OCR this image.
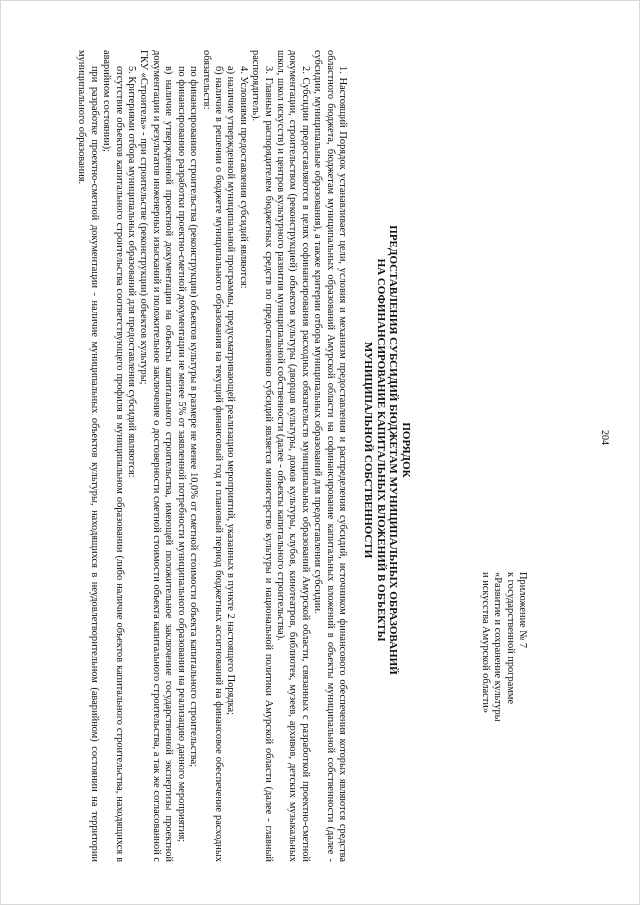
204
Приложение № 7
к государственной программе
«Развитие и сохранение культуры
и искусства Амурской области»
ПОРЯДОК
ПРЕДОСТАВЛЕНИЯ СУБСИДИЙ БЮДЖЕТАМ МУНИЦИПАЛЬНЫХ ОБРАЗОВАНИЙ
НА СОФИНАНСИРОВАНИЕ КАПИТАЛЬНЫХ ВЛОЖЕНИЙ В ОБЪЕКТЫ
МУНИЦИПАЛЬНОЙ СОБСТВЕННОСТИ

1. Настоящий Порядок устанавливает цели, условия и механизм предоставления и распределения субсидий, источником финансового обеспечения которых являются средства областного бюджета, бюджетам муниципальных образований Амурской области на софинансирование капитальных вложений в объекты муниципальной собственности (далее - субсидии, муниципальные образования), а также критерии отбора муниципальных образований для предоставления субсидии.

2. Субсидии предоставляются в целях софинансирования расходных обязательств муниципальных образований Амурской области, связанных с разработкой проектно-сметной документации, строительством (реконструкцией) объектов культуры (дворцов культуры, домов культуры, клубов, кинотеатров, библиотек, музеев, архивов, детских музыкальных школ, школ искусств) и центров культурного развития муниципальной собственности (далее - объекты капитального строительства).

3. Главным распорядителем бюджетных средств по предоставлению субсидий является министерство культуры и национальной политики Амурской области (далее - главный распорядитель).

4. Условиями предоставления субсидий являются:

а) наличие утвержденной муниципальной программы, предусматривающей реализацию мероприятий, указанных в пункте 2 настоящего Порядка;

б) наличие в решении о бюджете муниципального образования на текущий финансовый год и плановый период бюджетных ассигнований на финансовое обеспечение расходных обязательств:

по финансированию строительства (реконструкции) объектов культуры в размере не менее 10,0% от сметной стоимости объекта капитального строительства;

по финансированию разработки проектно-сметной документации не менее 5% от заявленной потребности муниципального образования на реализацию данного мероприятия;

в) наличие утвержденной проектной документации на объекты капитального строительства, имеющей положительное заключение государственной экспертизы проектной документации и результатов инженерных изысканий и положительное заключение о достоверности сметной стоимости объекта капитального строительства, а так же согласованной с ГКУ «Строитель» - при строительстве (реконструкции) объектов культуры;

5. Критериями отбора муниципальных образований для предоставления субсидий являются:

отсутствие объектов капитального строительства соответствующего профиля в муниципальном образовании (либо наличие объектов капитального строительства, находящихся в аварийном состоянии);

при разработке проектно-сметной документации - наличие муниципальных объектов культуры, находящихся в неудовлетворительном (аварийном) состоянии на территории муниципального образования.
